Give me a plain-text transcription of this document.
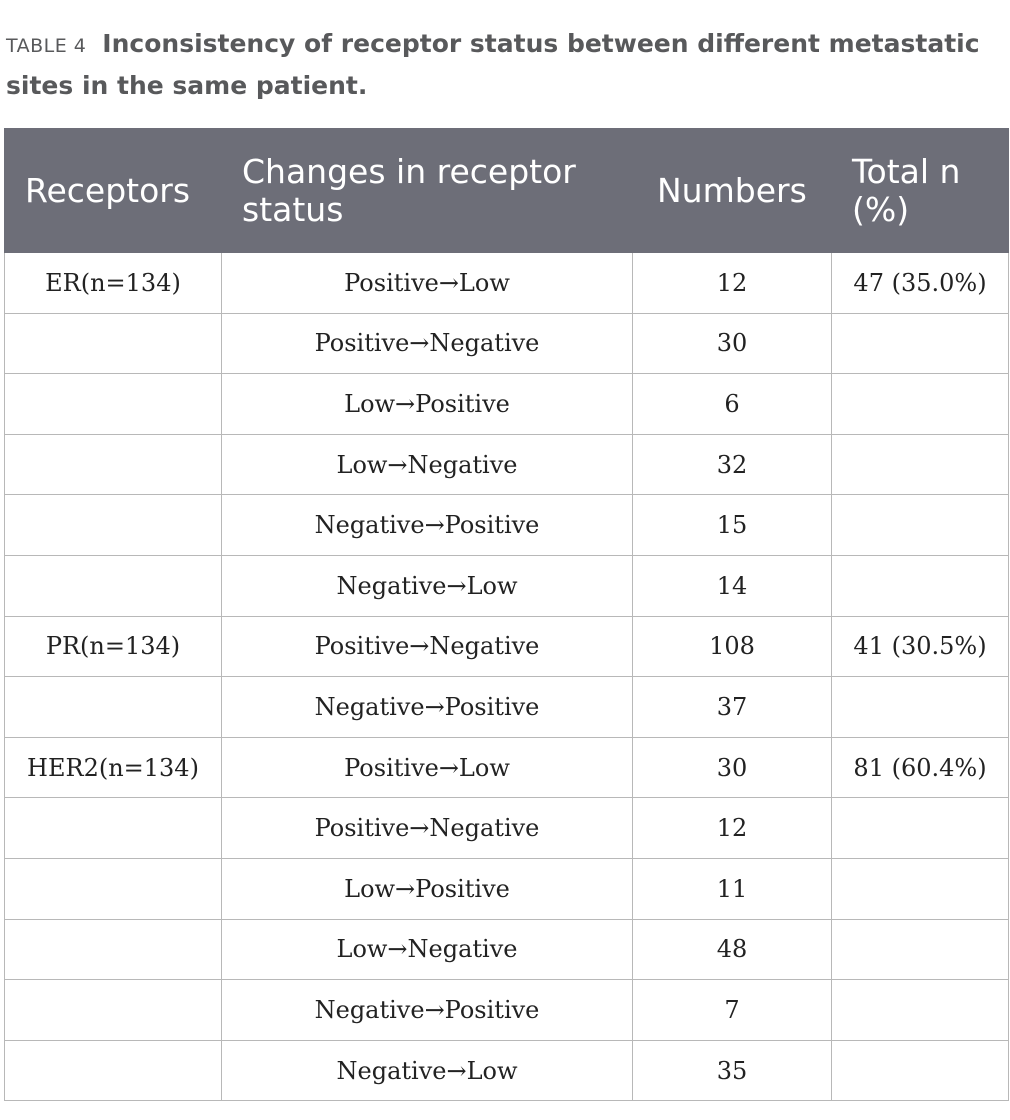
TABLE 4 Inconsistency of receptor status between different metastatic sites in the same patient.
Receptors	Changes in receptor status	Numbers	Total n (%)
ER(n=134)	Positive→Low	12	47 (35.0%)
	Positive→Negative	30	
	Low→Positive	6	
	Low→Negative	32	
	Negative→Positive	15	
	Negative→Low	14	
PR(n=134)	Positive→Negative	108	41 (30.5%)
	Negative→Positive	37	
HER2(n=134)	Positive→Low	30	81 (60.4%)
	Positive→Negative	12	
	Low→Positive	11	
	Low→Negative	48	
	Negative→Positive	7	
	Negative→Low	35	
